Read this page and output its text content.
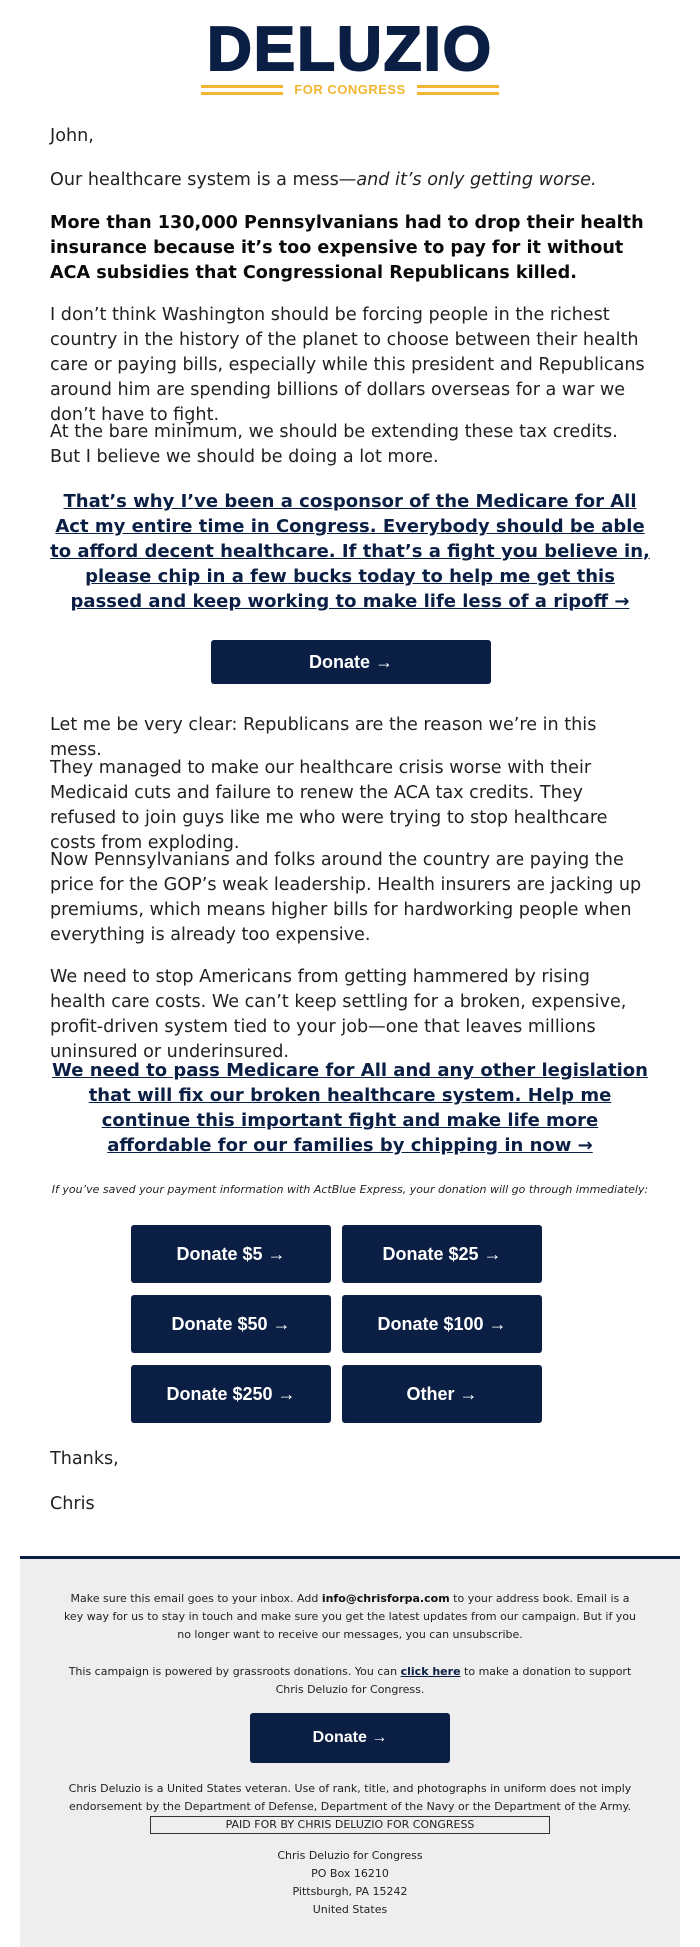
DELUZIO
FOR CONGRESS

John,

Our healthcare system is a mess—and it’s only getting worse.

More than 130,000 Pennsylvanians had to drop their health insurance because it’s too expensive to pay for it without ACA subsidies that Congressional Republicans killed.

I don’t think Washington should be forcing people in the richest country in the history of the planet to choose between their health care or paying bills, especially while this president and Republicans around him are spending billions of dollars overseas for a war we don’t have to fight.

At the bare minimum, we should be extending these tax credits. But I believe we should be doing a lot more.

That’s why I’ve been a cosponsor of the Medicare for All Act my entire time in Congress. Everybody should be able to afford decent healthcare. If that’s a fight you believe in, please chip in a few bucks today to help me get this passed and keep working to make life less of a ripoff →

Donate →

Let me be very clear: Republicans are the reason we’re in this mess.

They managed to make our healthcare crisis worse with their Medicaid cuts and failure to renew the ACA tax credits. They refused to join guys like me who were trying to stop healthcare costs from exploding.

Now Pennsylvanians and folks around the country are paying the price for the GOP’s weak leadership. Health insurers are jacking up premiums, which means higher bills for hardworking people when everything is already too expensive.

We need to stop Americans from getting hammered by rising health care costs. We can’t keep settling for a broken, expensive, profit-driven system tied to your job—one that leaves millions uninsured or underinsured.

We need to pass Medicare for All and any other legislation that will fix our broken healthcare system. Help me continue this important fight and make life more affordable for our families by chipping in now →

If you’ve saved your payment information with ActBlue Express, your donation will go through immediately:
Donate $5 →	Donate $25 →
Donate $50 →	Donate $100 →
Donate $250 →	Other →

Thanks,

Chris

Make sure this email goes to your inbox. Add info@chrisforpa.com to your address book. Email is a key way for us to stay in touch and make sure you get the latest updates from our campaign. But if you no longer want to receive our messages, you can unsubscribe.
This campaign is powered by grassroots donations. You can click here to make a donation to support Chris Deluzio for Congress.
Donate →
Chris Deluzio is a United States veteran. Use of rank, title, and photographs in uniform does not imply endorsement by the Department of Defense, Department of the Navy or the Department of the Army.
PAID FOR BY CHRIS DELUZIO FOR CONGRESS
Chris Deluzio for Congress
PO Box 16210
Pittsburgh, PA 15242
United States
